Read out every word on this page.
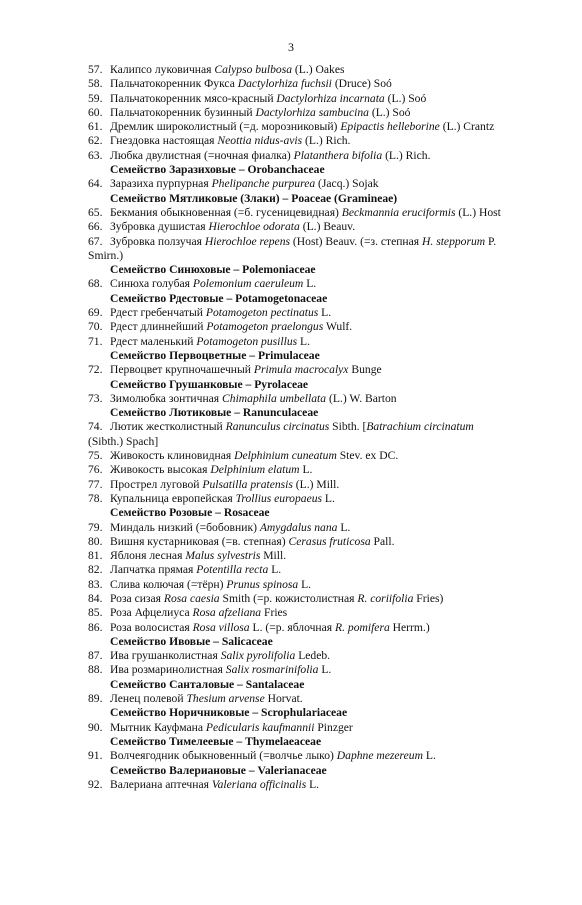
3
57. Калипсо луковичная Calypso bulbosa (L.) Oakes
58. Пальчатокоренник Фукса Dactylorhiza fuchsii (Druce) Soó
59. Пальчатокоренник мясо-красный Dactylorhiza incarnata (L.) Soó
60. Пальчатокоренник бузинный Dactylorhiza sambucina (L.) Soó
61. Дремлик широколистный (=д. морозниковый) Epipactis helleborine (L.) Crantz
62. Гнездовка настоящая Neottia nidus-avis (L.) Rich.
63. Любка двулистная (=ночная фиалка) Platanthera bifolia (L.) Rich.
Семейство Заразиховые – Orobanchaceae
64. Заразиха пурпурная Phelipanche purpurea (Jacq.) Sojak
Семейство Мятликовые (Злаки) – Poaceae (Gramineae)
65. Бекмания обыкновенная (=б. гусеницевидная) Beckmannia eruciformis (L.) Host
66. Зубровка душистая Hierochloe odorata (L.) Beauv.
67. Зубровка ползучая Hierochloe repens (Host) Beauv. (=з. степная H. stepporum P.
Smirn.)
Семейство Синюховые – Polemoniaceae
68. Синюха голубая Polemonium caeruleum L.
Семейство Рдестовые – Potamogetonaceae
69. Рдест гребенчатый Potamogeton pectinatus L.
70. Рдест длиннейший Potamogeton praelongus Wulf.
71. Рдест маленький Potamogeton pusillus L.
Семейство Первоцветные – Primulaceae
72. Первоцвет крупночашечный Primula macrocalyx Bunge
Семейство Грушанковые – Pyrolaceae
73. Зимолюбка зонтичная Chimaphila umbellata (L.) W. Barton
Семейство Лютиковые – Ranunculaceae
74. Лютик жестколистный Ranunculus circinatus Sibth. [Batrachium circinatum
(Sibth.) Spach]
75. Живокость клиновидная Delphinium cuneatum Stev. ex DC.
76. Живокость высокая Delphinium elatum L.
77. Прострел луговой Pulsatilla pratensis (L.) Mill.
78. Купальница европейская Trollius europaeus L.
Семейство Розовые – Rosaceae
79. Миндаль низкий (=бобовник) Amygdalus nana L.
80. Вишня кустарниковая (=в. степная) Cerasus fruticosa Pall.
81. Яблоня лесная Malus sylvestris Mill.
82. Лапчатка прямая Potentilla recta L.
83. Слива колючая (=тёрн) Prunus spinosa L.
84. Роза сизая Rosa caesia Smith (=р. кожистолистная R. coriifolia Fries)
85. Роза Афцелиуса Rosa afzeliana Fries
86. Роза волосистая Rosa villosa L. (=р. яблочная R. pomifera Herrm.)
Семейство Ивовые – Salicaceae
87. Ива грушанколистная Salix pyrolifolia Ledeb.
88. Ива розмаринолистная Salix rosmarinifolia L.
Семейство Санталовые – Santalaceae
89. Ленец полевой Thesium arvense Horvat.
Семейство Норичниковые – Scrophulariaceae
90. Мытник Кауфмана Pedicularis kaufmannii Pinzger
Семейство Тимелеевые – Thymelaeaceae
91. Волчеягодник обыкновенный (=волчье лыко) Daphne mezereum L.
Семейство Валериановые – Valerianaceae
92. Валериана аптечная Valeriana officinalis L.
